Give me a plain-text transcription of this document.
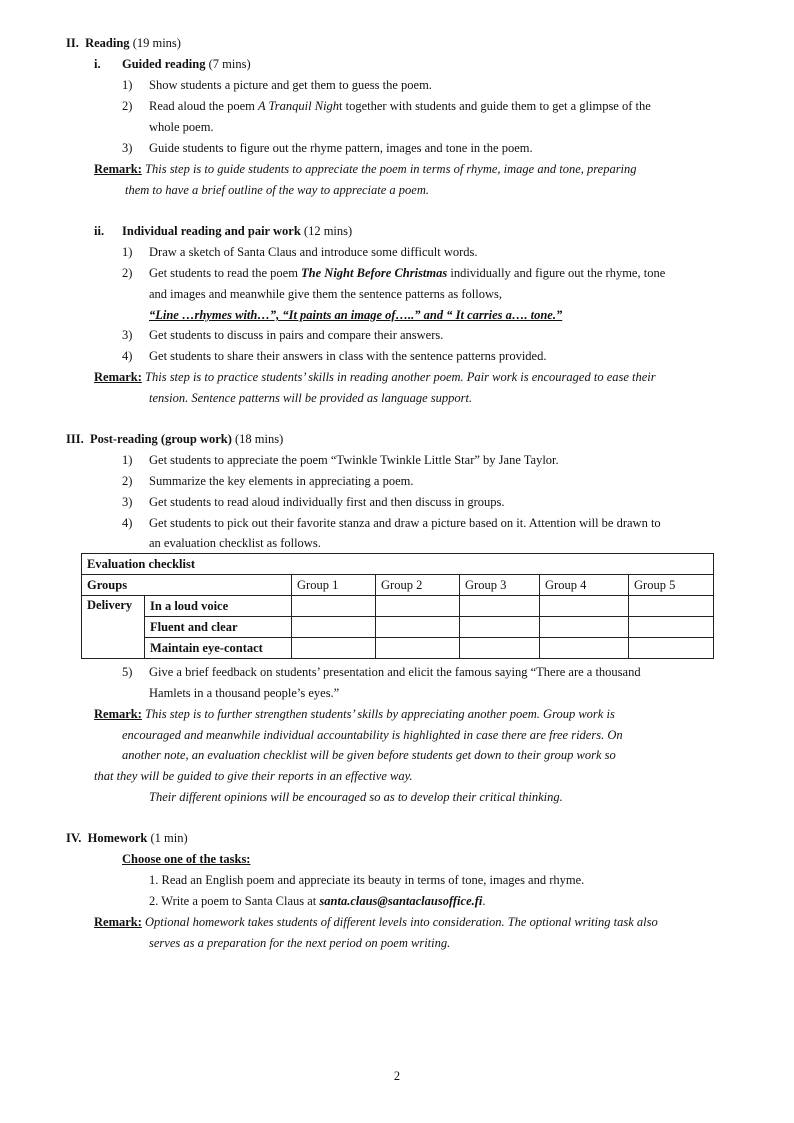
II. Reading (19 mins)
i. Guided reading (7 mins)
1) Show students a picture and get them to guess the poem.
2) Read aloud the poem A Tranquil Night together with students and guide them to get a glimpse of the
whole poem.
3) Guide students to figure out the rhyme pattern, images and tone in the poem.
Remark: This step is to guide students to appreciate the poem in terms of rhyme, image and tone, preparing
them to have a brief outline of the way to appreciate a poem.
ii. Individual reading and pair work (12 mins)
1) Draw a sketch of Santa Claus and introduce some difficult words.
2) Get students to read the poem The Night Before Christmas individually and figure out the rhyme, tone
and images and meanwhile give them the sentence patterns as follows,
“Line …rhymes with…”, “It paints an image of…..” and “ It carries a…. tone.”
3) Get students to discuss in pairs and compare their answers.
4) Get students to share their answers in class with the sentence patterns provided.
Remark: This step is to practice students’ skills in reading another poem. Pair work is encouraged to ease their
tension. Sentence patterns will be provided as language support.
III. Post-reading (group work) (18 mins)
1) Get students to appreciate the poem “Twinkle Twinkle Little Star” by Jane Taylor.
2) Summarize the key elements in appreciating a poem.
3) Get students to read aloud individually first and then discuss in groups.
4) Get students to pick out their favorite stanza and draw a picture based on it. Attention will be drawn to
an evaluation checklist as follows.
Evaluation checklist						
Groups		Group 1	Group 2	Group 3	Group 4	Group 5
Delivery	In a loud voice					
	Fluent and clear					
	Maintain eye-contact					
5) Give a brief feedback on students’ presentation and elicit the famous saying “There are a thousand
Hamlets in a thousand people’s eyes.”
Remark: This step is to further strengthen students’ skills by appreciating another poem. Group work is
encouraged and meanwhile individual accountability is highlighted in case there are free riders. On
another note, an evaluation checklist will be given before students get down to their group work so
that they will be guided to give their reports in an effective way.
Their different opinions will be encouraged so as to develop their critical thinking.
IV. Homework (1 min)
Choose one of the tasks:
1. Read an English poem and appreciate its beauty in terms of tone, images and rhyme.
2. Write a poem to Santa Claus at santa.claus@santaclausoffice.fi.
Remark: Optional homework takes students of different levels into consideration. The optional writing task also
serves as a preparation for the next period on poem writing.
2
